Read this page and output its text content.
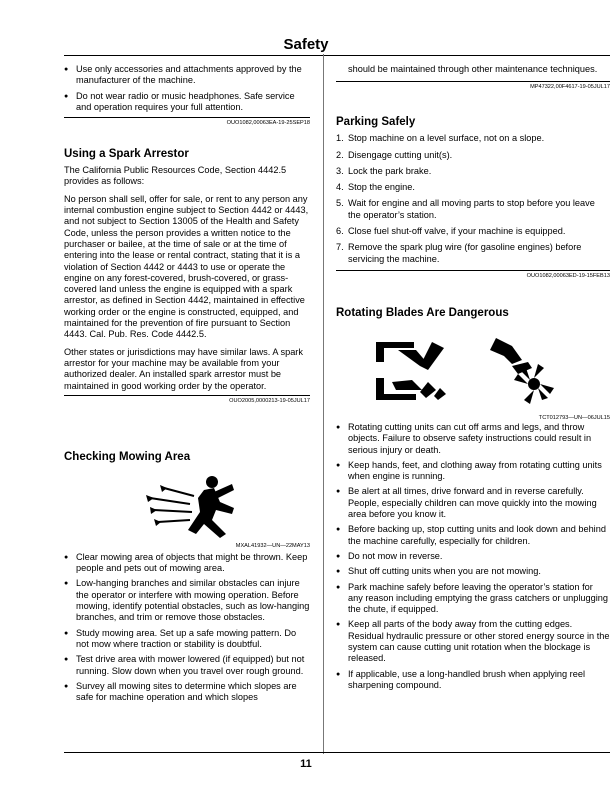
Safety
● Use only accessories and attachments approved by the manufacturer of the machine.
● Do not wear radio or music headphones. Safe service and operation requires your full attention.
OUO1082,00063EA-19-25SEP18
Using a Spark Arrestor

The California Public Resources Code, Section 4442.5 provides as follows:

No person shall sell, offer for sale, or rent to any person any internal combustion engine subject to Section 4442 or 4443, and not subject to Section 13005 of the Health and Safety Code, unless the person provides a written notice to the purchaser or bailee, at the time of sale or at the time of entering into the lease or rental contract, stating that it is a violation of Section 4442 or 4443 to use or operate the engine on any forest-covered, brush-covered, or grass-covered land unless the engine is equipped with a spark arrestor, as defined in Section 4442, maintained in effective working order or the engine is constructed, equipped, and maintained for the prevention of fire pursuant to Section 4443. Cal. Pub. Res. Code 4442.5.

Other states or jurisdictions may have similar laws. A spark arrestor for your machine may be available from your authorized dealer. An installed spark arrestor must be maintained in good working order by the operator.

OUO2005,0000213-19-05JUL17
Checking Mowing Area
MXAL41932—UN—22MAY13
● Clear mowing area of objects that might be thrown. Keep people and pets out of mowing area.
● Low-hanging branches and similar obstacles can injure the operator or interfere with mowing operation. Before mowing, identify potential obstacles, such as low-hanging branches, and trim or remove those obstacles.
● Study mowing area. Set up a safe mowing pattern. Do not mow where traction or stability is doubtful.
● Test drive area with mower lowered (if equipped) but not running. Slow down when you travel over rough ground.
● Survey all mowing sites to determine which slopes are safe for machine operation and which slopes

should be maintained through other maintenance techniques.

MP47322,00F4617-19-05JUL17
Parking Safely
1. Stop machine on a level surface, not on a slope.
2. Disengage cutting unit(s).
3. Lock the park brake.
4. Stop the engine.
5. Wait for engine and all moving parts to stop before you leave the operator’s station.
6. Close fuel shut-off valve, if your machine is equipped.
7. Remove the spark plug wire (for gasoline engines) before servicing the machine.
OUO1082,00063ED-19-15FEB13
Rotating Blades Are Dangerous
TCT012793—UN—06JUL15
● Rotating cutting units can cut off arms and legs, and throw objects. Failure to observe safety instructions could result in serious injury or death.
● Keep hands, feet, and clothing away from rotating cutting units when engine is running.
● Be alert at all times, drive forward and in reverse carefully. People, especially children can move quickly into the mowing area before you know it.
● Before backing up, stop cutting units and look down and behind the machine carefully, especially for children.
● Do not mow in reverse.
● Shut off cutting units when you are not mowing.
● Park machine safely before leaving the operator’s station for any reason including emptying the grass catchers or unplugging the chute, if equipped.
● Keep all parts of the body away from the cutting edges. Residual hydraulic pressure or other stored energy source in the system can cause cutting unit rotation when the blockage is released.
● If applicable, use a long-handled brush when applying reel sharpening compound.
11
